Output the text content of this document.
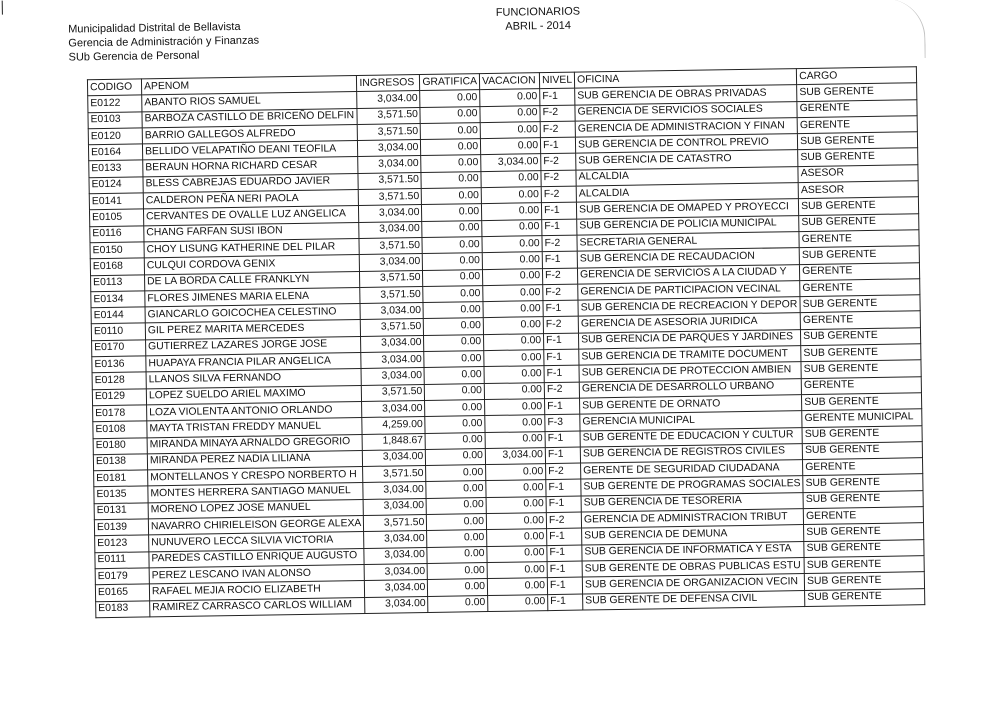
Municipalidad Distrital de Bellavista
Gerencia de Administración y Finanzas
SUb Gerencia de Personal
FUNCIONARIOS
ABRIL - 2014
CODIGO	APENOM	INGRESOS	GRATIFICA	VACACION	NIVEL	OFICINA	CARGO
E0122	ABANTO RIOS SAMUEL	3,034.00	0.00	0.00	F-1	SUB GERENCIA DE OBRAS PRIVADAS	SUB GERENTE
E0103	BARBOZA CASTILLO DE BRICEÑO DELFIN	3,571.50	0.00	0.00	F-2	GERENCIA DE SERVICIOS SOCIALES	GERENTE
E0120	BARRIO GALLEGOS ALFREDO	3,571.50	0.00	0.00	F-2	GERENCIA DE ADMINISTRACION Y FINAN	GERENTE
E0164	BELLIDO VELAPATIÑO DEANI TEOFILA	3,034.00	0.00	0.00	F-1	SUB GERENCIA DE CONTROL PREVIO	SUB GERENTE
E0133	BERAUN HORNA RICHARD CESAR	3,034.00	0.00	3,034.00	F-2	SUB GERENCIA DE CATASTRO	SUB GERENTE
E0124	BLESS CABREJAS EDUARDO JAVIER	3,571.50	0.00	0.00	F-2	ALCALDIA	ASESOR
E0141	CALDERON PEÑA NERI PAOLA	3,571.50	0.00	0.00	F-2	ALCALDIA	ASESOR
E0105	CERVANTES DE OVALLE LUZ ANGELICA	3,034.00	0.00	0.00	F-1	SUB GERENCIA DE OMAPED Y PROYECCI	SUB GERENTE
E0116	CHANG FARFAN SUSI IBON	3,034.00	0.00	0.00	F-1	SUB GERENCIA DE POLICIA MUNICIPAL	SUB GERENTE
E0150	CHOY LISUNG KATHERINE DEL PILAR	3,571.50	0.00	0.00	F-2	SECRETARIA GENERAL	GERENTE
E0168	CULQUI CORDOVA GENIX	3,034.00	0.00	0.00	F-1	SUB GERENCIA DE RECAUDACION	SUB GERENTE
E0113	DE LA BORDA CALLE FRANKLYN	3,571.50	0.00	0.00	F-2	GERENCIA DE SERVICIOS A LA CIUDAD Y	GERENTE
E0134	FLORES JIMENES MARIA ELENA	3,571.50	0.00	0.00	F-2	GERENCIA DE PARTICIPACION VECINAL	GERENTE
E0144	GIANCARLO GOICOCHEA CELESTINO	3,034.00	0.00	0.00	F-1	SUB GERENCIA DE RECREACION Y DEPOR	SUB GERENTE
E0110	GIL PEREZ MARITA MERCEDES	3,571.50	0.00	0.00	F-2	GERENCIA DE ASESORIA JURIDICA	GERENTE
E0170	GUTIERREZ LAZARES JORGE JOSE	3,034.00	0.00	0.00	F-1	SUB GERENCIA DE PARQUES Y JARDINES	SUB GERENTE
E0136	HUAPAYA FRANCIA PILAR ANGELICA	3,034.00	0.00	0.00	F-1	SUB GERENCIA DE TRAMITE DOCUMENT	SUB GERENTE
E0128	LLANOS SILVA FERNANDO	3,034.00	0.00	0.00	F-1	SUB GERENCIA DE PROTECCION AMBIEN	SUB GERENTE
E0129	LOPEZ SUELDO ARIEL MAXIMO	3,571.50	0.00	0.00	F-2	GERENCIA DE DESARROLLO URBANO	GERENTE
E0178	LOZA VIOLENTA ANTONIO ORLANDO	3,034.00	0.00	0.00	F-1	SUB GERENTE DE ORNATO	SUB GERENTE
E0108	MAYTA TRISTAN FREDDY MANUEL	4,259.00	0.00	0.00	F-3	GERENCIA MUNICIPAL	GERENTE MUNICIPAL
E0180	MIRANDA MINAYA ARNALDO GREGORIO	1,848.67	0.00	0.00	F-1	SUB GERENTE DE EDUCACION Y CULTUR	SUB GERENTE
E0138	MIRANDA PEREZ NADIA LILIANA	3,034.00	0.00	3,034.00	F-1	SUB GERENCIA DE REGISTROS CIVILES	SUB GERENTE
E0181	MONTELLANOS Y CRESPO NORBERTO H	3,571.50	0.00	0.00	F-2	GERENTE DE SEGURIDAD CIUDADANA	GERENTE
E0135	MONTES HERRERA SANTIAGO MANUEL	3,034.00	0.00	0.00	F-1	SUB GERENTE DE PROGRAMAS SOCIALES	SUB GERENTE
E0131	MORENO LOPEZ JOSE MANUEL	3,034.00	0.00	0.00	F-1	SUB GERENCIA DE TESORERIA	SUB GERENTE
E0139	NAVARRO CHIRIELEISON GEORGE ALEXA	3,571.50	0.00	0.00	F-2	GERENCIA DE ADMINISTRACION TRIBUT	GERENTE
E0123	NUNUVERO LECCA SILVIA VICTORIA	3,034.00	0.00	0.00	F-1	SUB GERENCIA DE DEMUNA	SUB GERENTE
E0111	PAREDES CASTILLO ENRIQUE AUGUSTO	3,034.00	0.00	0.00	F-1	SUB GERENCIA DE INFORMATICA Y ESTA	SUB GERENTE
E0179	PEREZ LESCANO IVAN ALONSO	3,034.00	0.00	0.00	F-1	SUB GERENTE DE OBRAS PUBLICAS ESTU	SUB GERENTE
E0165	RAFAEL MEJIA ROCIO ELIZABETH	3,034.00	0.00	0.00	F-1	SUB GERENCIA DE ORGANIZACION VECIN	SUB GERENTE
E0183	RAMIREZ CARRASCO CARLOS WILLIAM	3,034.00	0.00	0.00	F-1	SUB GERENTE DE DEFENSA CIVIL	SUB GERENTE
